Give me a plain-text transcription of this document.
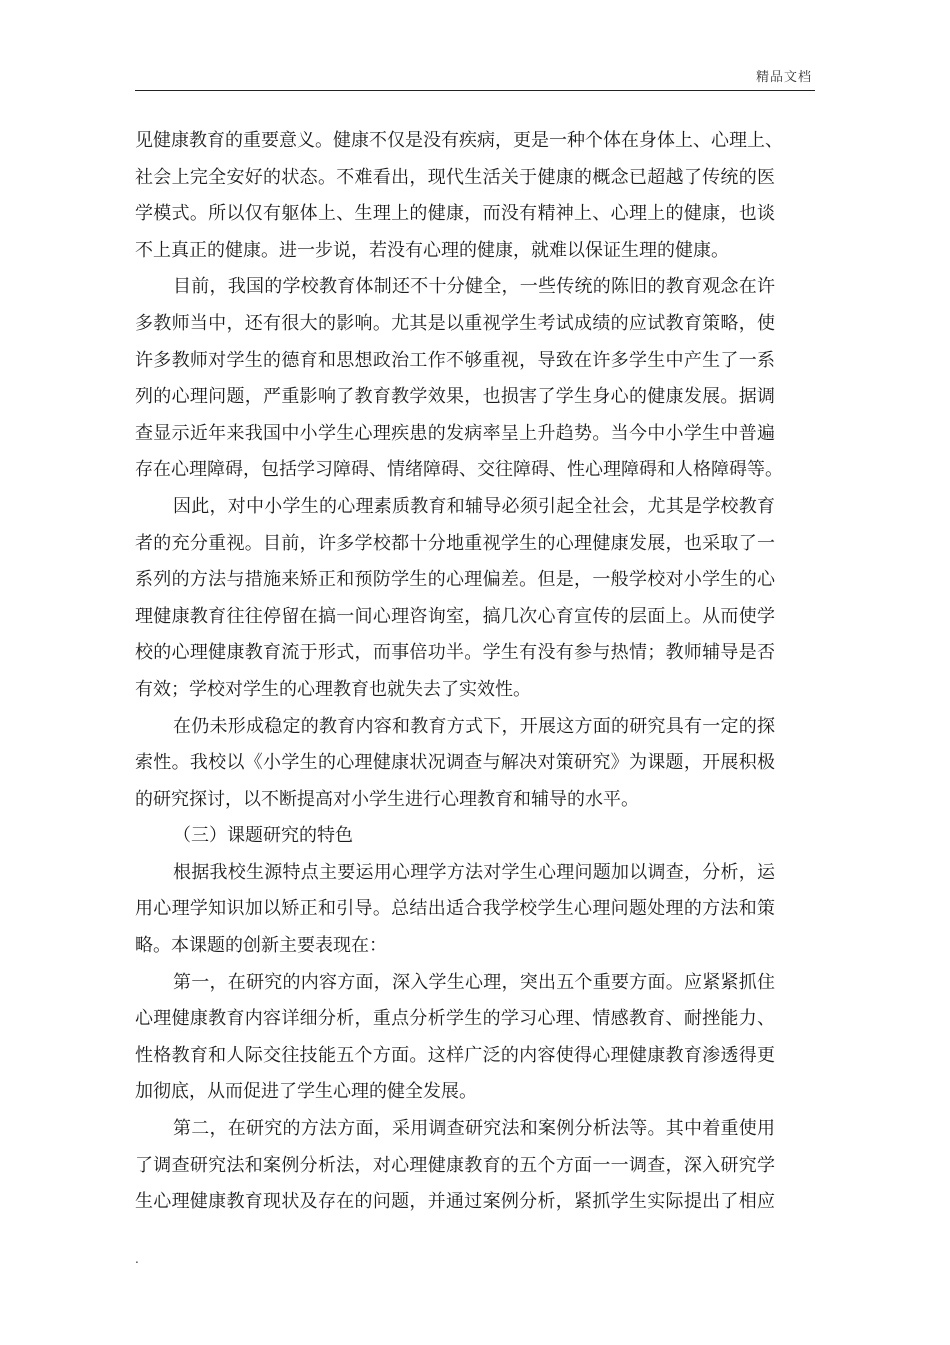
精品文档
见健康教育的重要意义。健康不仅是没有疾病，更是一种个体在身体上、心理上、
社会上完全安好的状态。不难看出，现代生活关于健康的概念已超越了传统的医
学模式。所以仅有躯体上、生理上的健康，而没有精神上、心理上的健康，也谈
不上真正的健康。进一步说，若没有心理的健康，就难以保证生理的健康。
目前，我国的学校教育体制还不十分健全，一些传统的陈旧的教育观念在许
多教师当中，还有很大的影响。尤其是以重视学生考试成绩的应试教育策略，使
许多教师对学生的德育和思想政治工作不够重视，导致在许多学生中产生了一系
列的心理问题，严重影响了教育教学效果，也损害了学生身心的健康发展。据调
查显示近年来我国中小学生心理疾患的发病率呈上升趋势。当今中小学生中普遍
存在心理障碍，包括学习障碍、情绪障碍、交往障碍、性心理障碍和人格障碍等。
因此，对中小学生的心理素质教育和辅导必须引起全社会，尤其是学校教育
者的充分重视。目前，许多学校都十分地重视学生的心理健康发展，也采取了一
系列的方法与措施来矫正和预防学生的心理偏差。但是，一般学校对小学生的心
理健康教育往往停留在搞一间心理咨询室，搞几次心育宣传的层面上。从而使学
校的心理健康教育流于形式，而事倍功半。学生有没有参与热情；教师辅导是否
有效；学校对学生的心理教育也就失去了实效性。
在仍未形成稳定的教育内容和教育方式下，开展这方面的研究具有一定的探
索性。我校以《小学生的心理健康状况调查与解决对策研究》为课题，开展积极
的研究探讨，以不断提高对小学生进行心理教育和辅导的水平。
（三）课题研究的特色
根据我校生源特点主要运用心理学方法对学生心理问题加以调查，分析，运
用心理学知识加以矫正和引导。总结出适合我学校学生心理问题处理的方法和策
略。本课题的创新主要表现在：
第一，在研究的内容方面，深入学生心理，突出五个重要方面。应紧紧抓住
心理健康教育内容详细分析，重点分析学生的学习心理、情感教育、耐挫能力、
性格教育和人际交往技能五个方面。这样广泛的内容使得心理健康教育渗透得更
加彻底，从而促进了学生心理的健全发展。
第二，在研究的方法方面，采用调查研究法和案例分析法等。其中着重使用
了调查研究法和案例分析法，对心理健康教育的五个方面一一调查，深入研究学
生心理健康教育现状及存在的问题，并通过案例分析，紧抓学生实际提出了相应
.
